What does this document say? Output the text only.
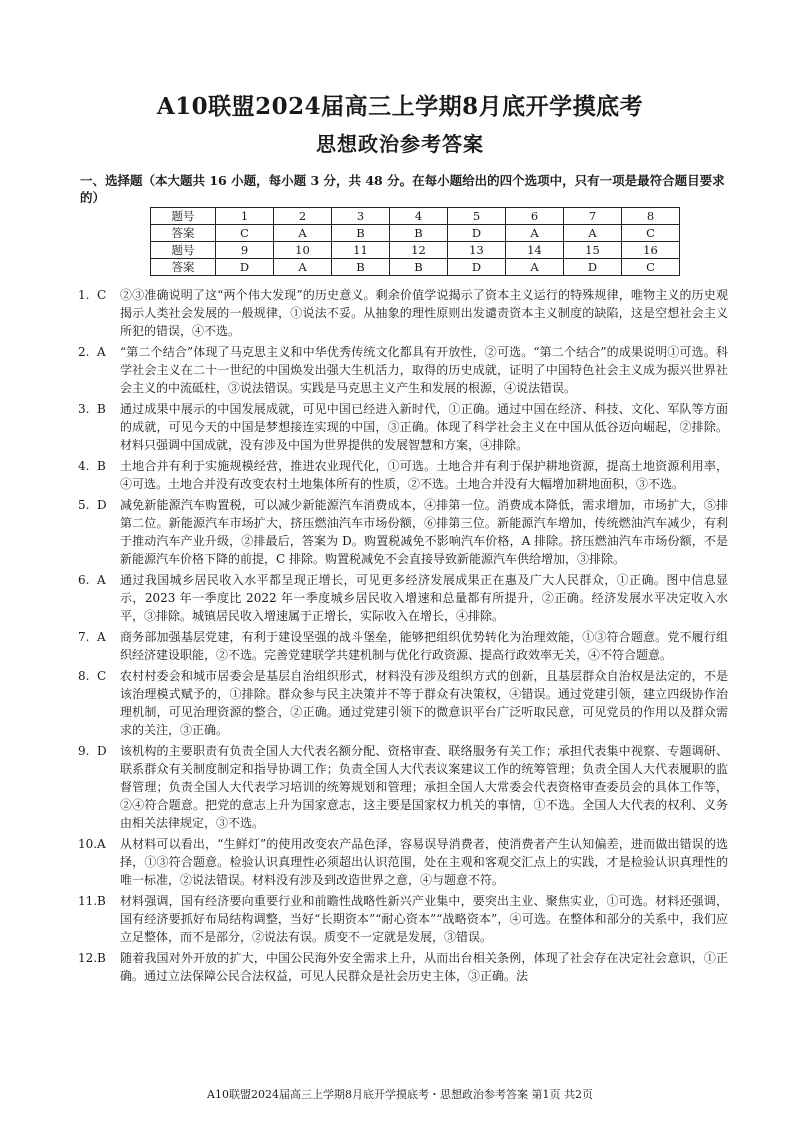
A10联盟2024届高三上学期8月底开学摸底考
思想政治参考答案
一、选择题（本大题共 16 小题，每小题 3 分，共 48 分。在每小题给出的四个选项中，只有一项是最符合题目要求的）
题号	1	2	3	4	5	6	7	8
答案	C	A	B	B	D	A	A	C
题号	9	10	11	12	13	14	15	16
答案	D	A	B	B	D	A	D	C
1. C	②③准确说明了这“两个伟大发现”的历史意义。剩余价值学说揭示了资本主义运行的特殊规律，唯物主义的历史观揭示人类社会发展的一般规律，①说法不妥。从抽象的理性原则出发谴责资本主义制度的缺陷，这是空想社会主义所犯的错误，④不选。
2. A	“第二个结合”体现了马克思主义和中华优秀传统文化都具有开放性，②可选。“第二个结合”的成果说明①可选。科学社会主义在二十一世纪的中国焕发出强大生机活力，取得的历史成就，证明了中国特色社会主义成为振兴世界社会主义的中流砥柱，③说法错误。实践是马克思主义产生和发展的根源，④说法错误。
3. B	通过成果中展示的中国发展成就，可见中国已经进入新时代，①正确。通过中国在经济、科技、文化、军队等方面的成就，可见今天的中国是梦想接连实现的中国，③正确。体现了科学社会主义在中国从低谷迈向崛起，②排除。材料只强调中国成就，没有涉及中国为世界提供的发展智慧和方案，④排除。
4. B	土地合并有利于实施规模经营，推进农业现代化，①可选。土地合并有利于保护耕地资源，提高土地资源利用率，④可选。土地合并没有改变农村土地集体所有的性质，②不选。土地合并没有大幅增加耕地面积，③不选。
5. D	减免新能源汽车购置税，可以减少新能源汽车消费成本，④排第一位。消费成本降低，需求增加，市场扩大，⑤排第二位。新能源汽车市场扩大，挤压燃油汽车市场份额，⑥排第三位。新能源汽车增加，传统燃油汽车减少，有利于推动汽车产业升级，②排最后，答案为 D。购置税减免不影响汽车价格，A 排除。挤压燃油汽车市场份额，不是新能源汽车价格下降的前提，C 排除。购置税减免不会直接导致新能源汽车供给增加，③排除。
6. A	通过我国城乡居民收入水平都呈现正增长，可见更多经济发展成果正在惠及广大人民群众，①正确。图中信息显示，2023 年一季度比 2022 年一季度城乡居民收入增速和总量都有所提升，②正确。经济发展水平决定收入水平，③排除。城镇居民收入增速属于正增长，实际收入在增长，④排除。
7. A	商务部加强基层党建，有利于建设坚强的战斗堡垒，能够把组织优势转化为治理效能，①③符合题意。党不履行组织经济建设职能，②不选。完善党建联学共建机制与优化行政资源、提高行政效率无关，④不符合题意。
8. C	农村村委会和城市居委会是基层自治组织形式，材料没有涉及组织方式的创新，且基层群众自治权是法定的，不是该治理模式赋予的，①排除。群众参与民主决策并不等于群众有决策权，④错误。通过党建引领，建立四级协作治理机制，可见治理资源的整合，②正确。通过党建引领下的微意识平台广泛听取民意，可见党员的作用以及群众需求的关注，③正确。
9. D	该机构的主要职责有负责全国人大代表名额分配、资格审查、联络服务有关工作；承担代表集中视察、专题调研、联系群众有关制度制定和指导协调工作；负责全国人大代表议案建议工作的统筹管理；负责全国人大代表履职的监督管理；负责全国人大代表学习培训的统筹规划和管理；承担全国人大常委会代表资格审查委员会的具体工作等，②④符合题意。把党的意志上升为国家意志，这主要是国家权力机关的事情，①不选。全国人大代表的权利、义务由相关法律规定，③不选。
10. A	从材料可以看出，“生鲜灯”的使用改变农产品色泽，容易误导消费者，使消费者产生认知偏差，进而做出错误的选择，①③符合题意。检验认识真理性必须超出认识范围，处在主观和客观交汇点上的实践，才是检验认识真理性的唯一标准，②说法错误。材料没有涉及到改造世界之意，④与题意不符。
11. B	材料强调，国有经济要向重要行业和前瞻性战略性新兴产业集中，要突出主业、聚焦实业，①可选。材料还强调，国有经济要抓好布局结构调整，当好“长期资本”“耐心资本”“战略资本”，④可选。在整体和部分的关系中，我们应立足整体，而不是部分，②说法有误。质变不一定就是发展，③错误。
12. B	随着我国对外开放的扩大，中国公民海外安全需求上升，从而出台相关条例，体现了社会存在决定社会意识，①正确。通过立法保障公民合法权益，可见人民群众是社会历史主体，③正确。法
A10联盟2024届高三上学期8月底开学摸底考・思想政治参考答案 第1页 共2页
